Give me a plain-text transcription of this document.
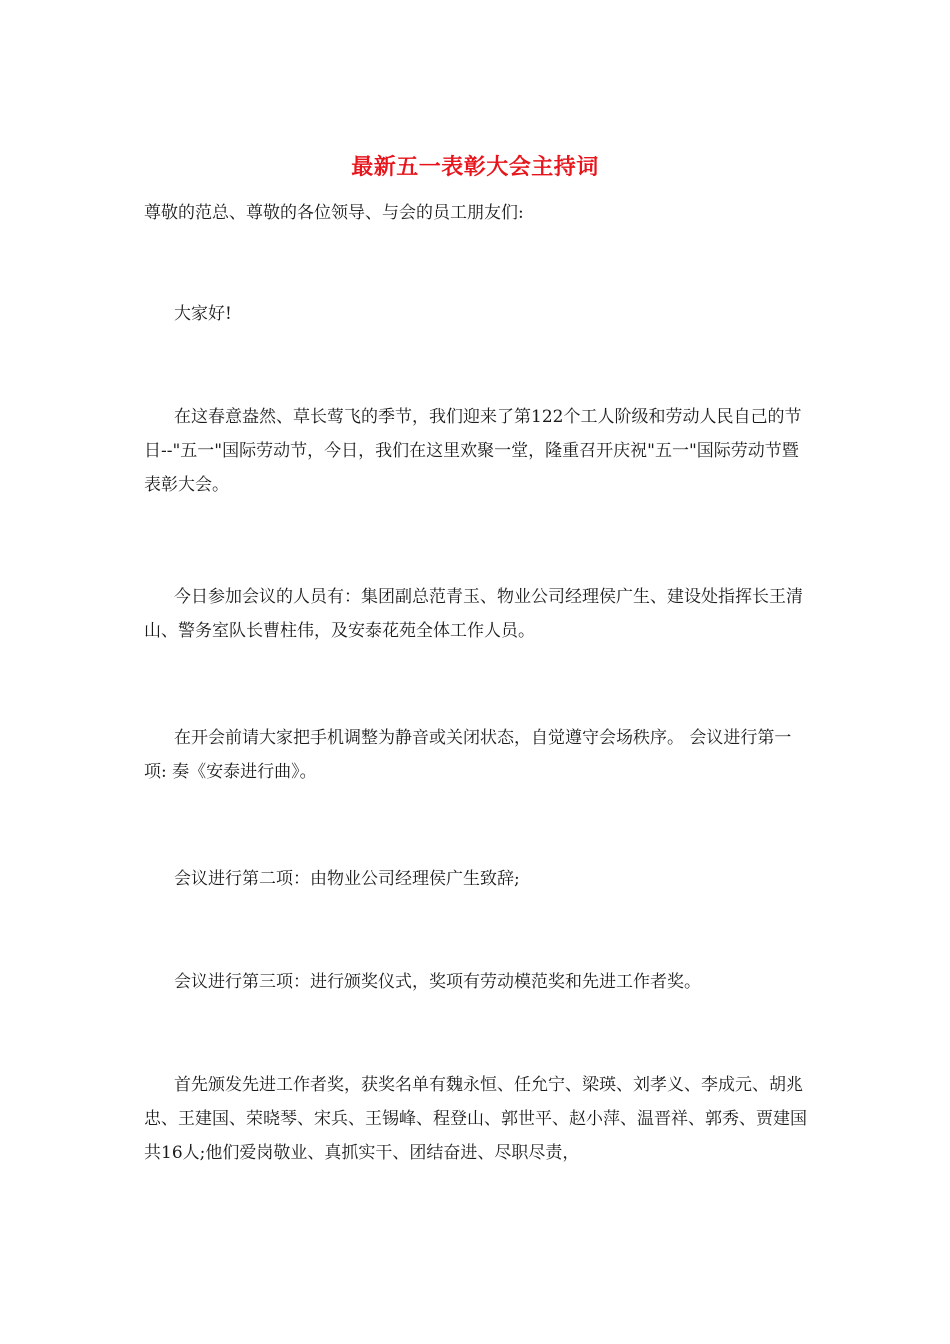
最新五一表彰大会主持词

尊敬的范总、尊敬的各位领导、与会的员工朋友们:

大家好!

在这春意盎然、草长莺飞的季节，我们迎来了第122个工人阶级和劳动人民自己的节日--"五一"国际劳动节，今日，我们在这里欢聚一堂，隆重召开庆祝"五一"国际劳动节暨表彰大会。

今日参加会议的人员有：集团副总范青玉、物业公司经理侯广生、建设处指挥长王清山、警务室队长曹柱伟，及安泰花苑全体工作人员。

在开会前请大家把手机调整为静音或关闭状态，自觉遵守会场秩序。 会议进行第一项: 奏《安泰进行曲》。

会议进行第二项：由物业公司经理侯广生致辞;

会议进行第三项：进行颁奖仪式，奖项有劳动模范奖和先进工作者奖。

首先颁发先进工作者奖，获奖名单有魏永恒、任允宁、梁瑛、刘孝义、李成元、胡兆忠、王建国、荣晓琴、宋兵、王锡峰、程登山、郭世平、赵小萍、温晋祥、郭秀、贾建国共16人;他们爱岗敬业、真抓实干、团结奋进、尽职尽责，
